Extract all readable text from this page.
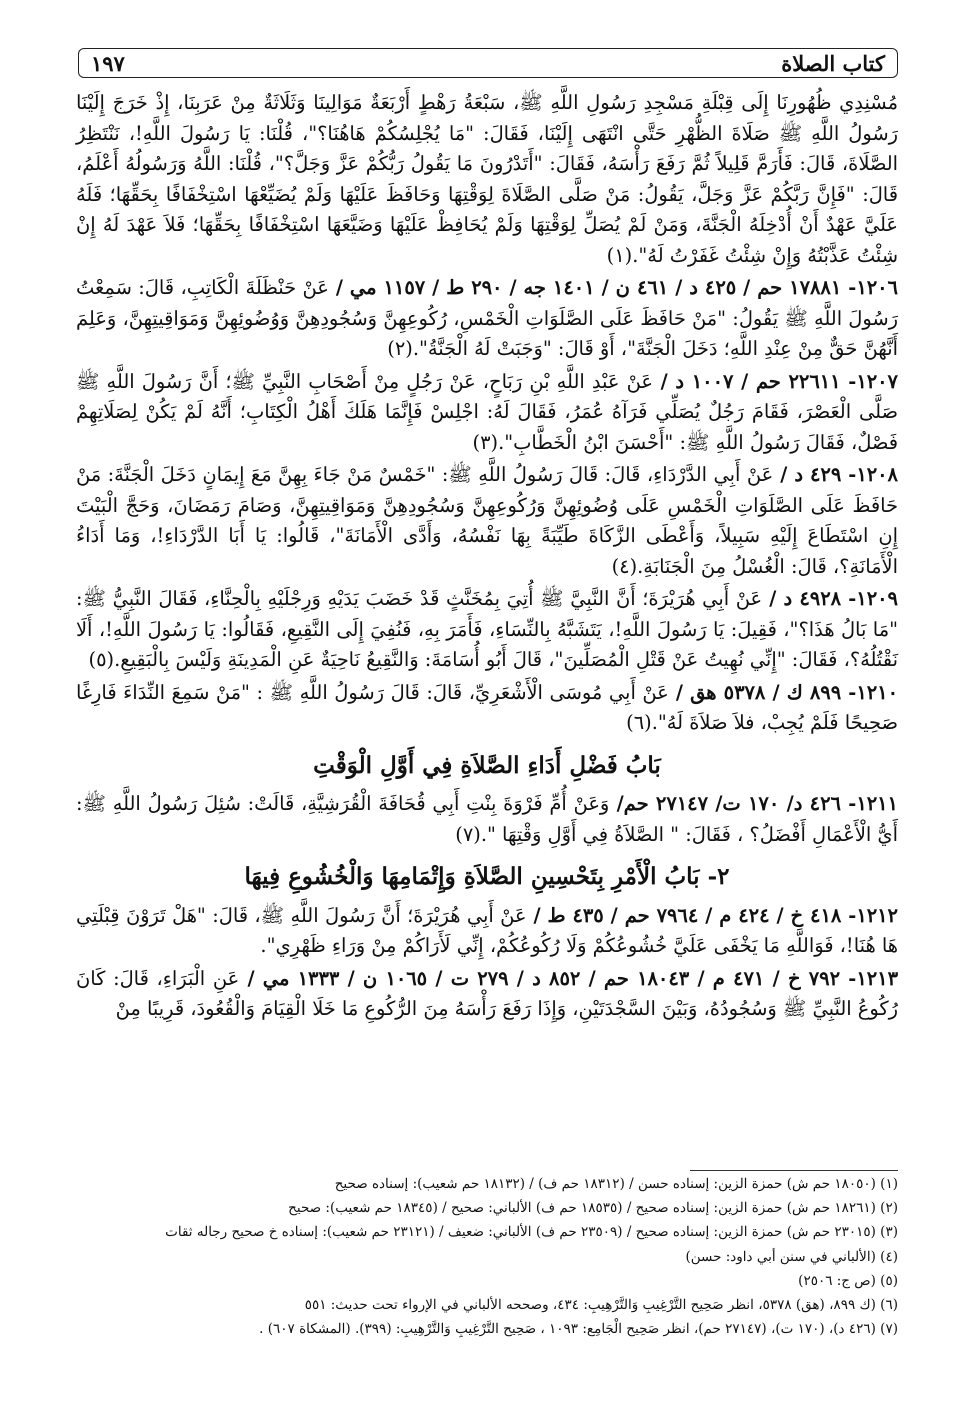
كتاب الصلاة
١٩٧

مُسْنِدِي ظُهُورِنَا إِلَى قِبْلَةِ مَسْجِدِ رَسُولِ اللَّهِ ﷺ، سَبْعَةُ رَهْطٍ أَرْبَعَةٌ مَوَالِينَا وَثَلَاثَةٌ مِنْ عَرَبِنَا، إِذْ خَرَجَ إِلَيْنَا رَسُولُ اللَّهِ ﷺ صَلَاةَ الظُّهْرِ حَتَّى انْتَهَى إِلَيْنَا، فَقَالَ: "مَا يُجْلِسُكُمْ هَاهُنَا؟"، قُلْنَا: يَا رَسُولَ اللَّهِ!، نَنْتَظِرُ الصَّلَاةَ، قَالَ: فَأَرَمَّ قَلِيلاً ثُمَّ رَفَعَ رَأْسَهُ، فَقَالَ: "أَتَدْرُونَ مَا يَقُولُ رَبُّكُمْ عَزَّ وَجَلَّ؟"، قُلْنَا: اللَّهُ وَرَسُولُهُ أَعْلَمُ، قَالَ: "فَإِنَّ رَبَّكُمْ عَزَّ وَجَلَّ، يَقُولُ: مَنْ صَلَّى الصَّلَاةَ لِوَقْتِهَا وَحَافَظَ عَلَيْهَا وَلَمْ يُضَيِّعْهَا اسْتِخْفَافًا بِحَقِّهَا؛ فَلَهُ عَلَيَّ عَهْدٌ أَنْ أُدْخِلَهُ الْجَنَّةَ، وَمَنْ لَمْ يُصَلِّ لِوَقْتِهَا وَلَمْ يُحَافِظْ عَلَيْهَا وَضَيَّعَهَا اسْتِخْفَافًا بِحَقِّهَا؛ فَلاَ عَهْدَ لَهُ إِنْ شِئْتُ عَذَّبْتُهُ وَإِنْ شِئْتُ غَفَرْتُ لَهُ".(١)

١٢٠٦- ١٧٨٨١ حم / ٤٢٥ د / ٤٦١ ن / ١٤٠١ جه / ٢٩٠ ط / ١١٥٧ مي / عَنْ حَنْظَلَةَ الْكَاتِبِ، قَالَ: سَمِعْتُ رَسُولَ اللَّهِ ﷺ يَقُولُ: "مَنْ حَافَظَ عَلَى الصَّلَوَاتِ الْخَمْسِ، رُكُوعِهِنَّ وَسُجُودِهِنَّ وَوُضُوئِهِنَّ وَمَوَاقِيتِهِنَّ، وَعَلِمَ أَنَّهُنَّ حَقٌّ مِنْ عِنْدِ اللَّهِ؛ دَخَلَ الْجَنَّةَ"، أَوْ قَالَ: "وَجَبَتْ لَهُ الْجَنَّةُ".(٢)

١٢٠٧- ٢٢٦١١ حم / ١٠٠٧ د / عَنْ عَبْدِ اللَّهِ بْنِ رَبَاحٍ، عَنْ رَجُلٍ مِنْ أَصْحَابِ النَّبِيِّ ﷺ؛ أَنَّ رَسُولَ اللَّهِ ﷺ صَلَّى الْعَصْرَ، فَقَامَ رَجُلٌ يُصَلِّي فَرَآهُ عُمَرُ، فَقَالَ لَهُ: اجْلِسْ فَإِنَّمَا هَلَكَ أَهْلُ الْكِتَابِ؛ أَنَّهُ لَمْ يَكُنْ لِصَلَاتِهِمْ فَصْلٌ، فَقَالَ رَسُولُ اللَّهِ ﷺ: "أَحْسَنَ ابْنُ الْخَطَّابِ".(٣)

١٢٠٨- ٤٢٩ د / عَنْ أَبِي الدَّرْدَاءِ، قَالَ: قَالَ رَسُولُ اللَّهِ ﷺ: "خَمْسٌ مَنْ جَاءَ بِهِنَّ مَعَ إِيمَانٍ دَخَلَ الْجَنَّةَ: مَنْ حَافَظَ عَلَى الصَّلَوَاتِ الْخَمْسِ عَلَى وُضُوئِهِنَّ وَرُكُوعِهِنَّ وَسُجُودِهِنَّ وَمَوَاقِيتِهِنَّ، وَصَامَ رَمَضَانَ، وَحَجَّ الْبَيْتَ إِنِ اسْتَطَاعَ إِلَيْهِ سَبِيلاً، وَأَعْطَى الزَّكَاةَ طَيِّبَةً بِهَا نَفْسُهُ، وَأَدَّى الْأَمَانَةَ"، قَالُوا: يَا أَبَا الدَّرْدَاءِ!، وَمَا أَدَاءُ الْأَمَانَةِ؟، قَالَ: الْغُسْلُ مِنَ الْجَنَابَةِ.(٤)

١٢٠٩- ٤٩٢٨ د / عَنْ أَبِي هُرَيْرَةَ؛ أَنَّ النَّبِيَّ ﷺ أُتِيَ بِمُخَنَّثٍ قَدْ خَضَبَ يَدَيْهِ وَرِجْلَيْهِ بِالْحِنَّاءِ، فَقَالَ النَّبِيُّ ﷺ: "مَا بَالُ هَذَا؟"، فَقِيلَ: يَا رَسُولَ اللَّهِ!، يَتَشَبَّهُ بِالنِّسَاءِ، فَأَمَرَ بِهِ، فَنُفِيَ إِلَى النَّقِيعِ، فَقَالُوا: يَا رَسُولَ اللَّهِ!، أَلَا نَقْتُلُهُ؟، فَقَالَ: "إِنِّي نُهِيتُ عَنْ قَتْلِ الْمُصَلِّينَ"، قَالَ أَبُو أُسَامَةَ: وَالنَّقِيعُ نَاحِيَةٌ عَنِ الْمَدِينَةِ وَلَيْسَ بِالْبَقِيعِ.(٥)

١٢١٠- ٨٩٩ ك / ٥٣٧٨ هق / عَنْ أَبِي مُوسَى الْأَشْعَرِيِّ، قَالَ: قَالَ رَسُولُ اللَّهِ ﷺ : "مَنْ سَمِعَ النِّدَاءَ فَارِغًا صَحِيحًا فَلَمْ يُجِبْ، فلاَ صَلاَةَ لَهُ".(٦)

بَابُ فَضْلِ أَدَاءِ الصَّلاَةِ فِي أَوَّلِ الْوَقْتِ

١٢١١- ٤٢٦ د/ ١٧٠ ت/ ٢٧١٤٧ حم/ وَعَنْ أُمِّ فَرْوَةَ بِنْتِ أَبِي قُحَافَةَ الْقُرَشِيَّةِ، قَالَتْ: سُئِلَ رَسُولُ اللَّهِ ﷺ: أَيُّ الْأَعْمَالِ أَفْضَلُ؟ ، فَقَالَ: " الصَّلاَةُ فِي أَوَّلِ وَقْتِهَا ".(٧)

٢- بَابُ الْأَمْرِ بِتَحْسِينِ الصَّلاَةِ وَإِتْمَامِهَا وَالْخُشُوعِ فِيهَا

١٢١٢- ٤١٨ خ / ٤٢٤ م / ٧٩٦٤ حم / ٤٣٥ ط / عَنْ أَبِي هُرَيْرَةَ؛ أَنَّ رَسُولَ اللَّهِ ﷺ، قَالَ: "هَلْ تَرَوْنَ قِبْلَتِي هَا هُنَا!، فَوَاللَّهِ مَا يَخْفَى عَلَيَّ خُشُوعُكُمْ وَلَا رُكُوعُكُمْ، إِنِّي لَأَرَاكُمْ مِنْ وَرَاءِ ظَهْرِي".

١٢١٣- ٧٩٢ خ / ٤٧١ م / ١٨٠٤٣ حم / ٨٥٢ د / ٢٧٩ ت / ١٠٦٥ ن / ١٣٣٣ مي / عَنِ الْبَرَاءِ، قَالَ: كَانَ رُكُوعُ النَّبِيِّ ﷺ وَسُجُودُهُ، وَبَيْنَ السَّجْدَتَيْنِ، وَإِذَا رَفَعَ رَأْسَهُ مِنَ الرُّكُوعِ مَا خَلَا الْقِيَامَ وَالْقُعُودَ، قَرِيبًا مِنْ

(١) (١٨٠٥٠ حم ش) حمزة الزين: إسناده حسن / (١٨٣١٢ حم ف) / (١٨١٣٢ حم شعيب): إسناده صحيح

(٢) (١٨٢٦١ حم ش) حمزة الزين: إسناده صحيح / (١٨٥٣٥ حم ف) الألباني: صحيح / (١٨٣٤٥ حم شعيب): صحيح

(٣) (٢٣٠١٥ حم ش) حمزة الزين: إسناده صحيح / (٢٣٥٠٩ حم ف) الألباني: ضعيف / (٢٣١٢١ حم شعيب): إسناده خ صحيح رجاله ثقات

(٤) (الألباني في سنن أبي داود: حسن)

(٥) (ص ج: ٢٥٠٦)

(٦) (ك ٨٩٩، (هق) ٥٣٧٨، انظر صَحِيح التَّرْغِيبِ وَالتَّرْهِيبِ: ٤٣٤، وصححه الألباني في الإرواء تحت حديث: ٥٥١

(٧) (٤٢٦ د)، (١٧٠ ت)، (٢٧١٤٧ حم)، انظر صَحِيح الْجَامِع: ١٠٩٣ ، صَحِيح التَّرْغِيبِ وَالتَّرْهِيبِ: (٣٩٩). (المشكاة ٦٠٧) .
